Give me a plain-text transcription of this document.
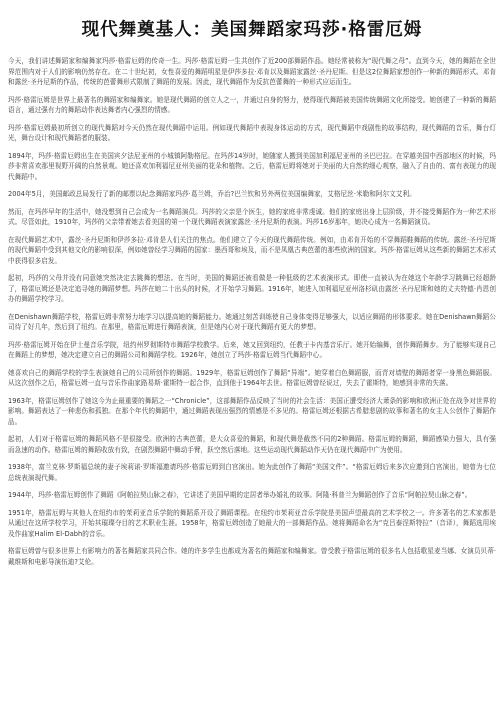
现代舞奠基人：美国舞蹈家玛莎·格雷厄姆

今天，我们讲述舞蹈家和编舞家玛莎·格雷厄姆的传奇一生。玛莎·格雷厄姆一生共创作了近200部舞蹈作品。她经常被称为“现代舞之母”。直到今天，她的舞蹈在全世界范围内对于人们的影响仍然存在。在二十世纪初，女性喜爱的舞蹈明星是伊莎多拉·邓肯以及舞蹈家露丝·圣丹尼斯。但是这2位舞蹈家想创作一种新的舞蹈形式。邓肯和露丝·圣丹尼斯的作品，传统的芭蕾舞形式限制了舞蹈的发展。因此，现代舞蹈作为反抗芭蕾舞的一种形式应运而生。

玛莎·格雷厄姆是世界上最著名的舞蹈家和编舞家。她是现代舞蹈的创立人之一，并通过自身的努力，使得现代舞蹈被美国传统舞蹈文化所接受。她创建了一种新的舞蹈语言，通过强有力的舞蹈动作表达舞者内心强烈的情感。

玛莎·格雷厄姆最初所创立的现代舞蹈对今天仍然在现代舞蹈中运用。例如现代舞蹈中表现身体运动的方式，现代舞蹈中戏剧性的故事结构，现代舞蹈的音乐，舞台灯光，舞台设计和现代舞蹈者的服装。

1894年，玛莎·格雷厄姆出生在美国宾夕法尼亚州的小城镇阿勒格尼。在玛莎14岁时，她随家人搬到美国加利福尼亚州的圣巴巴拉。在穿越美国中西部地区的时候，玛莎非常喜欢那里视野开阔的自然景观。她还喜欢加利福尼亚州美丽的花朵和植物。之后，格雷厄姆将她对于美丽的大自然的细心观察，融入了自由的、富有表现力的现代舞蹈中。

2004年5月，美国邮政总局发行了新的邮票以纪念舞蹈家玛莎·葛兰姆，乔治?巴兰钦和另外两位美国编舞家，艾格尼丝·米勒和阿尔文艾利。

然而，在玛莎早年的生活中，她没想到自己会成为一名舞蹈演员。玛莎的父亲是个医生，她的家庭非常虔诚。他们的家庭出身上层阶级，并不接受舞蹈作为一种艺术形式。尽管如此，1910年，玛莎的父亲带着她去看美国的第一个现代舞蹈表演家露丝·圣丹尼斯的表演。玛莎16岁那年，她决心成为一名舞蹈演员。

在现代舞蹈艺术中，露丝·圣丹尼斯和伊莎多拉·邓肯是人们关注的焦点。他们建立了今天的现代舞蹈传统。例如，由邓肯开始的不穿舞蹈鞋舞蹈的传统。露丝·圣丹尼斯的现代舞蹈中受到其他文化的影响很深，例如她曾经学习舞蹈的国家：墨西哥和埃及，而不是凤凰古典芭蕾的那些欧洲的国家。玛莎·格雷厄姆从这些新的舞蹈艺术形式中获得很多启发。

起初，玛莎的父母并没有同意她突然决定去跳舞的想法。在当时，美国的舞蹈还被看做是一种低级的艺术表演形式。即使一直被认为在她这个年龄学习跳舞已经超龄了，格雷厄姆还是决定追寻她的舞蹈梦想。玛莎在她二十出头的时候，才开始学习舞蹈。1916年，她进入加利福尼亚州洛杉矶由露丝·圣丹尼斯和她的丈夫特德·肖恩创办的舞蹈学校学习。

在Denishawn舞蹈学校，格雷厄姆非常努力地学习以提高她的舞蹈能力。她通过刻苦训练使自己身体变得足够强大，以适应舞蹈的形体要求。她在Denishawn舞蹈公司待了好几年，然后到了纽约。在那里，格雷厄姆进行舞蹈表演，但是她内心对于现代舞蹈有更大的梦想。

玛莎·格雷厄姆开始在伊士曼音乐学院，纽约州罗彻斯特市舞蹈学校教学。后来，她又回到纽约，任教于卡内基音乐厅。她开始编舞，创作舞蹈舞步。为了能够实现自己在舞蹈上的梦想，她决定建立自己的舞蹈公司和舞蹈学校。1926年，她创立了玛莎·格雷厄姆当代舞蹈中心。

她喜欢自己的舞蹈学校的学生表演她自己的公司所创作的舞蹈。1929年，格雷厄姆创作了舞蹈“异端”。她穿着白色舞蹈服，而青对墙壁的舞蹈者穿一身黑色舞蹈服。从这次创作之后，格雷厄姆一直与音乐作曲家路易斯·霍斯特一起合作，直到他于1964年去世。格雷厄姆曾经说过，失去了霍斯特，她感到非常的失落。

1963年，格雷厄姆创作了她这今为止最重要的舞蹈之一“Chronicle”，这部舞蹈作品反映了当时的社会生活：美国正遭受经济大萧条的影响和欧洲正处在战争对世界的影响。舞蹈表达了一种悲伤和孤独。在那个年代的舞蹈中，通过舞蹈表现出强烈的情感是不多见的。格雷厄姆还根据古希腊悲剧的故事和著名的女主人公创作了舞蹈作品。

起初，人们对于格雷厄姆的舞蹈风格不是很接受。欧洲的古典芭蕾，是大众喜爱的舞蹈，和现代舞是截然不同的2种舞蹈。格雷厄姆的舞蹈，舞蹈感染力强大，具有强而急速的动作。格雷厄姆的舞蹈收放有致，在剧烈舞蹈中舞动手臂，跃空然后落地。这些运动现代舞蹈动作天仍在现代舞蹈中广为使用。

1938年，富兰克林·罗斯福总统的妻子埃莉诺·罗斯福邀请玛莎·格雷厄姆到白宫演出。她为此创作了舞蹈“美国文件”。“格雷厄姆后来多次应邀到白宫演出，她曾为七位总统表演现代舞。

1944年，玛莎·格雷厄姆创作了舞蹈《阿帕拉契山脉之春》，它讲述了美国早期的定居者举办婚礼的故事。阿隆·科普兰为舞蹈创作了音乐“阿帕拉契山脉之春”。

1951年，格雷厄姆与其他人在纽约市的茱莉亚音乐学院的舞蹈系开设了舞蹈课程。在纽约市茱莉亚音乐学院是美国声望最高的艺术学校之一。许多著名的艺术家都是从通过在这所学校学习，开始其璀璨夺目的艺术职业生涯。1958年，格雷厄姆创造了她最大的一部舞蹈作品。她将舞蹈命名为“克吕泰涅斯特拉”（音译），舞蹈选用埃及作曲家Halim El-Dabh的音乐。

格雷厄姆曾与很多世界上有影响力的著名舞蹈家共同合作。她的许多学生也都成为著名的舞蹈家和编舞家。曾受教于格雷厄姆的很多名人包括歌星麦当娜、女演员贝蒂·戴维斯和电影导演伍迪?艾伦。
